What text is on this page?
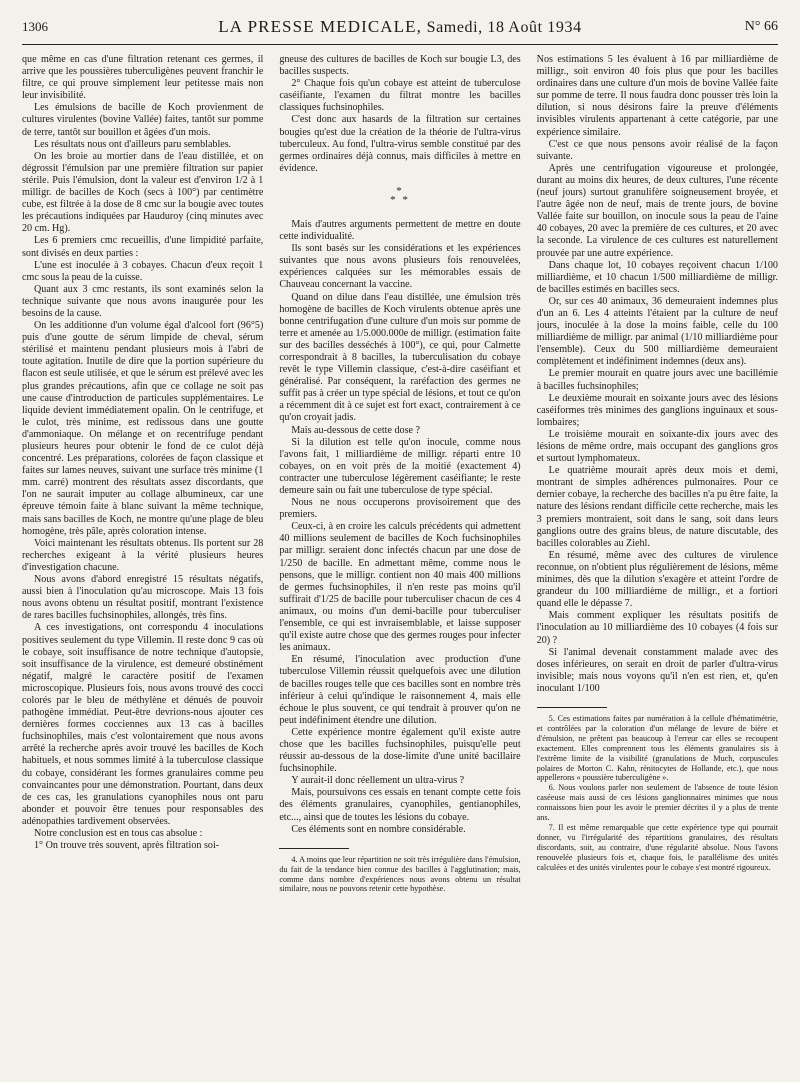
1306	LA PRESSE MEDICALE, Samedi, 18 Août 1934	N° 66

que même en cas d'une filtration retenant ces germes, il arrive que les poussières tuberculigènes peuvent franchir le filtre, ce qui prouve simplement leur petitesse mais non leur invisibilité.

Les émulsions de bacille de Koch provienment de cultures virulentes (bovine Vallée) faites, tantôt sur pomme de terre, tantôt sur bouillon et âgées d'un mois.

Les résultats nous ont d'ailleurs paru semblables.

On les broie au mortier dans de l'eau distillée, et on dégrossit l'émulsion par une première filtration sur papier stérile. Puis l'émulsion, dont la valeur est d'environ 1/2 à 1 milligr. de bacilles de Koch (secs à 100°) par centimètre cube, est filtrée à la dose de 8 cmc sur la bougie avec toutes les précautions indiquées par Hauduroy (cinq minutes avec 20 cm. Hg).

Les 6 premiers cmc recueillis, d'une limpidité parfaite, sont divisés en deux parties :

L'une est inoculée à 3 cobayes. Chacun d'eux reçoit 1 cmc sous la peau de la cuisse.

Quant aux 3 cmc restants, ils sont examinés selon la technique suivante que nous avons inaugurée pour les besoins de la cause.

On les additionne d'un volume égal d'alcool fort (96°5) puis d'une goutte de sérum limpide de cheval, sérum stérilisé et maintenu pendant plusieurs mois à l'abri de toute agitation. Inutile de dire que la portion supérieure du flacon est seule utilisée, et que le sérum est prélevé avec les plus grandes précautions, afin que ce collage ne soit pas une cause d'introduction de particules supplémentaires. Le liquide devient immédiatement opalin. On le centrifuge, et le culot, très minime, est redissous dans une goutte d'ammoniaque. On mélange et on recentrifuge pendant plusieurs heures pour obtenir le fond de ce culot déjà concentré. Les préparations, colorées de façon classique et faites sur lames neuves, suivant une surface très minime (1 mm. carré) montrent des résultats assez discordants, que l'on ne saurait imputer au collage albumineux, car une épreuve témoin faite à blanc suivant la même technique, mais sans bacilles de Koch, ne montre qu'une plage de bleu homogène, très pâle, après coloration intense.

Voici maintenant les résultats obtenus. Ils portent sur 28 recherches exigeant à la vérité plusieurs heures d'investigation chacune.

Nous avons d'abord enregistré 15 résultats négatifs, aussi bien à l'inoculation qu'au microscope. Mais 13 fois nous avons obtenu un résultat positif, montrant l'existence de rares bacilles fuchsinophiles, allongés, très fins.

A ces investigations, ont correspondu 4 inoculations positives seulement du type Villemin. Il reste donc 9 cas où le cobaye, soit insuffisance de notre technique d'autopsie, soit insuffisance de la virulence, est demeuré obstinément négatif, malgré le caractère positif de l'examen microscopique. Plusieurs fois, nous avons trouvé des cocci colorés par le bleu de méthylène et dénués de pouvoir pathogène immédiat. Peut-être devrions-nous ajouter ces dernières formes cocciennes aux 13 cas à bacilles fuchsinophiles, mais c'est volontairement que nous avons arrêté la recherche après avoir trouvé les bacilles de Koch habituels, et nous sommes limité à la tuberculose classique du cobaye, considérant les formes granulaires comme peu convaincantes pour une démonstration. Pourtant, dans deux de ces cas, les granulations cyanophiles nous ont paru abonder et pouvoir être tenues pour responsables des adénopathies tardivement observées.

Notre conclusion est en tous cas absolue :

1° On trouve très souvent, après filtration soi-

gneuse des cultures de bacilles de Koch sur bougie L3, des bacilles suspects.

2° Chaque fois qu'un cobaye est atteint de tuberculose caséifiante, l'examen du filtrat montre les bacilles classiques fuchsinophiles.

C'est donc aux hasards de la filtration sur certaines bougies qu'est due la création de la théorie de l'ultra-virus tuberculeux. Au fond, l'ultra-virus semble constitué par des germes ordinaires déjà connus, mais difficiles à mettre en évidence.

*
* *

Mais d'autres arguments permettent de mettre en doute cette individualité.

Ils sont basés sur les considérations et les expériences suivantes que nous avons plusieurs fois renouvelées, expériences calquées sur les mémorables essais de Chauveau concernant la vaccine.

Quand on dilue dans l'eau distillée, une émulsion très homogène de bacilles de Koch virulents obtenue après une bonne centrifugation d'une culture d'un mois sur pomme de terre et amenée au 1/5.000.000e de milligr. (estimation faite sur des bacilles desséchés à 100°), ce qui, pour Calmette correspondrait à 8 bacilles, la tuberculisation du cobaye revêt le type Villemin classique, c'est-à-dire caséifiant et généralisé. Par conséquent, la raréfaction des germes ne suffit pas à créer un type spécial de lésions, et tout ce qu'on a récemment dit à ce sujet est fort exact, contrairement à ce qu'on croyait jadis.

Mais au-dessous de cette dose ?

Si la dilution est telle qu'on inocule, comme nous l'avons fait, 1 milliardième de milligr. réparti entre 10 cobayes, on en voit près de la moitié (exactement 4) contracter une tuberculose légèrement caséifiante; le reste demeure sain ou fait une tuberculose de type spécial.

Nous ne nous occuperons provisoirement que des premiers.

Ceux-ci, à en croire les calculs précédents qui admettent 40 millions seulement de bacilles de Koch fuchsinophiles par milligr. seraient donc infectés chacun par une dose de 1/250 de bacille. En admettant même, comme nous le pensons, que le milligr. contient non 40 mais 400 millions de germes fuchsinophiles, il n'en reste pas moins qu'il suffirait d'1/25 de bacille pour tuberculiser chacun de ces 4 animaux, ou moins d'un demi-bacille pour tuberculiser l'ensemble, ce qui est invraisemblable, et laisse supposer qu'il existe autre chose que des germes rouges pour infecter les animaux.

En résumé, l'inoculation avec production d'une tuberculose Villemin réussit quelquefois avec une dilution de bacilles rouges telle que ces bacilles sont en nombre très inférieur à celui qu'indique le raisonnement 4, mais elle échoue le plus souvent, ce qui tendrait à prouver qu'on ne peut indéfiniment étendre une dilution.

Cette expérience montre également qu'il existe autre chose que les bacilles fuchsinophiles, puisqu'elle peut réussir au-dessous de la dose-limite d'une unité bacillaire fuchsinophile.

Y aurait-il donc réellement un ultra-virus ?

Mais, poursuivons ces essais en tenant compte cette fois des éléments granulaires, cyanophiles, gentianophiles, etc..., ainsi que de toutes les lésions du cobaye.

Ces éléments sont en nombre considérable.

4. A moins que leur répartition ne soit très irrégulière dans l'émulsion, du fait de la tendance bien connue des bacilles à l'agglutination; mais, comme dans nombre d'expériences nous avons obtenu un résultat similaire, nous ne pouvons retenir cette hypothèse.

Nos estimations 5 les évaluent à 16 par milliardième de milligr., soit environ 40 fois plus que pour les bacilles ordinaires dans une culture d'un mois de bovine Vallée faite sur pomme de terre. Il nous faudra donc pousser très loin la dilution, si nous désirons faire la preuve d'éléments invisibles virulents appartenant à cette catégorie, par une expérience similaire.

C'est ce que nous pensons avoir réalisé de la façon suivante.

Après une centrifugation vigoureuse et prolongée, durant au moins dix heures, de deux cultures, l'une récente (neuf jours) surtout granulifère soigneusement broyée, et l'autre âgée non de neuf, mais de trente jours, de bovine Vallée faite sur bouillon, on inocule sous la peau de l'aine 40 cobayes, 20 avec la première de ces cultures, et 20 avec la seconde. La virulence de ces cultures est naturellement prouvée par une autre expérience.

Dans chaque lot, 10 cobayes reçoivent chacun 1/100 milliardième, et 10 chacun 1/500 milliardième de milligr. de bacilles estimés en bacilles secs.

Or, sur ces 40 animaux, 36 demeuraient indemnes plus d'un an 6. Les 4 atteints l'étaient par la culture de neuf jours, inoculée à la dose la moins faible, celle du 100 milliardième de milligr. par animal (1/10 milliardième pour l'ensemble). Ceux du 500 milliardième demeuraient complètement et indéfiniment indemnes (deux ans).

Le premier mourait en quatre jours avec une bacillémie à bacilles fuchsinophiles;

Le deuxième mourait en soixante jours avec des lésions caséiformes très minimes des ganglions inguinaux et sous-lombaires;

Le troisième mourait en soixante-dix jours avec des lésions de même ordre, mais occupant des ganglions gros et surtout lymphomateux.

Le quatrième mourait après deux mois et demi, montrant de simples adhérences pulmonaires. Pour ce dernier cobaye, la recherche des bacilles n'a pu être faite, la nature des lésions rendant difficile cette recherche, mais les 3 premiers montraient, soit dans le sang, soit dans leurs ganglions outre des grains bleus, de nature discutable, des bacilles colorables au Ziehl.

En résumé, même avec des cultures de virulence reconnue, on n'obtient plus régulièrement de lésions, même minimes, dès que la dilution s'exagère et atteint l'ordre de grandeur du 100 milliardième de milligr., et a fortiori quand elle le dépasse 7.

Mais comment expliquer les résultats positifs de l'inoculation au 10 milliardième des 10 cobayes (4 fois sur 20) ?

Si l'animal devenait constamment malade avec des doses inférieures, on serait en droit de parler d'ultra-virus invisible; mais nous voyons qu'il n'en est rien, et, qu'en inoculant 1/100

5. Ces estimations faites par numération à la cellule d'hématimétrie, et contrôlées par la coloration d'un mélange de levure de bière et d'émulsion, ne prêtent pas beaucoup à l'erreur car elles se recoupent exactement. Elles comprennent tous les éléments granulaires sis à l'extrême limite de la visibilité (granulations de Much, corpuscules polaires de Morton C. Kahn, rénitocytes de Hollande, etc.), que nous appellerons « poussière tuberculigène ».

6. Nous voulons parler non seulement de l'absence de toute lésion caséeuse mais aussi de ces lésions ganglionnaires minimes que nous connaissons bien pour les avoir le premier décrites il y a plus de trente ans.

7. Il est même remarquable que cette expérience type qui pourrait donner, vu l'irrégularité des répartitions granulaires, des résultats discordants, soit, au contraire, d'une régularité absolue. Nous l'avons renouvelée plusieurs fois et, chaque fois, le parallélisme des unités calculées et des unités virulentes pour le cobaye s'est montré rigoureux.
